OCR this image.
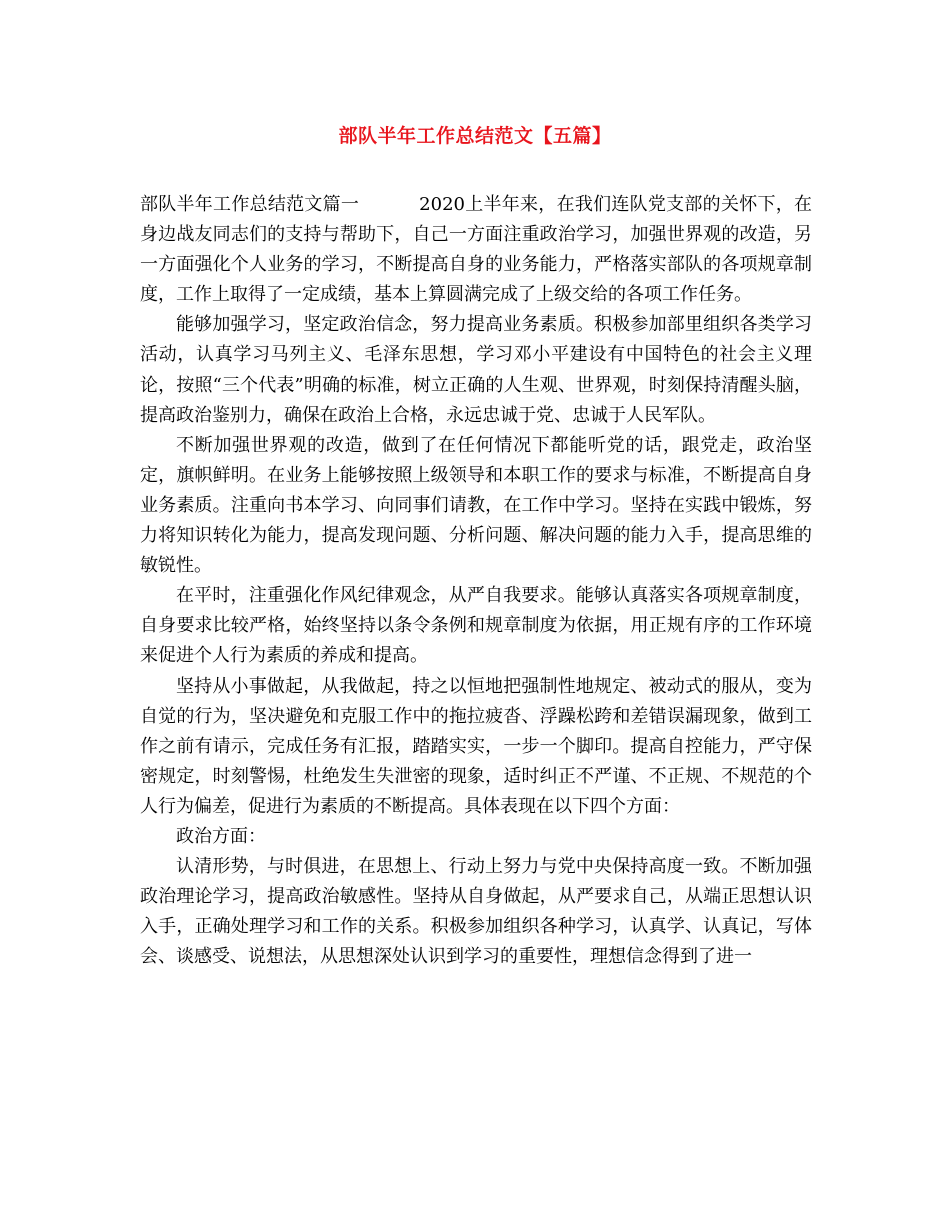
部队半年工作总结范文【五篇】

部队半年工作总结范文篇一	2020上半年来，在我们连队党支部的关怀下，在身边战友同志们的支持与帮助下，自己一方面注重政治学习，加强世界观的改造，另一方面强化个人业务的学习，不断提高自身的业务能力，严格落实部队的各项规章制度，工作上取得了一定成绩，基本上算圆满完成了上级交给的各项工作任务。

能够加强学习，坚定政治信念，努力提高业务素质。积极参加部里组织各类学习活动，认真学习马列主义、毛泽东思想，学习邓小平建设有中国特色的社会主义理论，按照“三个代表”明确的标准，树立正确的人生观、世界观，时刻保持清醒头脑，提高政治鉴别力，确保在政治上合格，永远忠诚于党、忠诚于人民军队。

不断加强世界观的改造，做到了在任何情况下都能听党的话，跟党走，政治坚定，旗帜鲜明。在业务上能够按照上级领导和本职工作的要求与标准，不断提高自身业务素质。注重向书本学习、向同事们请教，在工作中学习。坚持在实践中锻炼，努力将知识转化为能力，提高发现问题、分析问题、解决问题的能力入手，提高思维的敏锐性。

在平时，注重强化作风纪律观念，从严自我要求。能够认真落实各项规章制度，自身要求比较严格，始终坚持以条令条例和规章制度为依据，用正规有序的工作环境来促进个人行为素质的养成和提高。

坚持从小事做起，从我做起，持之以恒地把强制性地规定、被动式的服从，变为自觉的行为，坚决避免和克服工作中的拖拉疲沓、浮躁松跨和差错误漏现象，做到工作之前有请示，完成任务有汇报，踏踏实实，一步一个脚印。提高自控能力，严守保密规定，时刻警惕，杜绝发生失泄密的现象，适时纠正不严谨、不正规、不规范的个人行为偏差，促进行为素质的不断提高。具体表现在以下四个方面：

政治方面：

认清形势，与时俱进，在思想上、行动上努力与党中央保持高度一致。不断加强政治理论学习，提高政治敏感性。坚持从自身做起，从严要求自己，从端正思想认识入手，正确处理学习和工作的关系。积极参加组织各种学习，认真学、认真记，写体会、谈感受、说想法，从思想深处认识到学习的重要性，理想信念得到了进一
